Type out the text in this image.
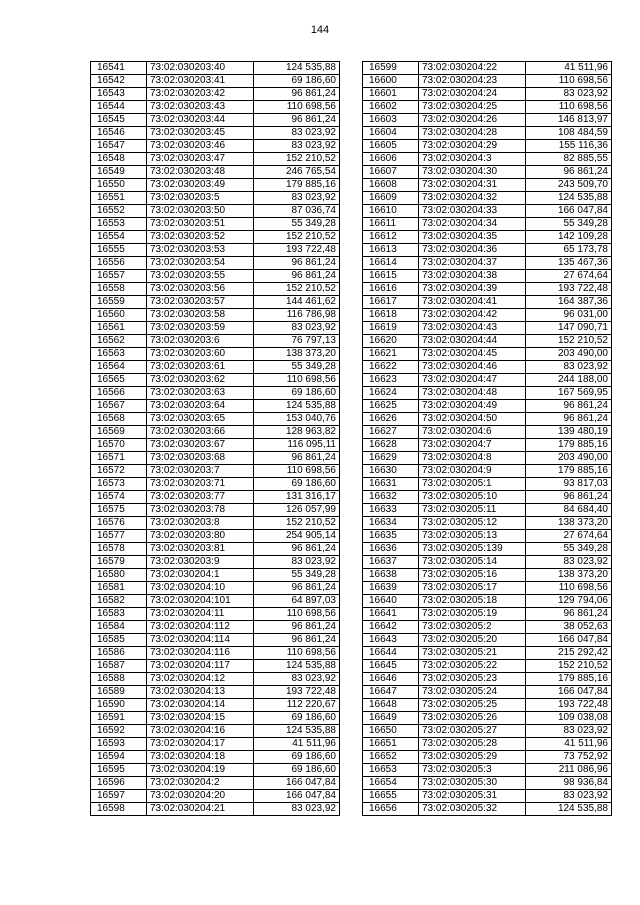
144
16541	73:02:030203:40	124 535,88
16542	73:02:030203:41	69 186,60
16543	73:02:030203:42	96 861,24
16544	73:02:030203:43	110 698,56
16545	73:02:030203:44	96 861,24
16546	73:02:030203:45	83 023,92
16547	73:02:030203:46	83 023,92
16548	73:02:030203:47	152 210,52
16549	73:02:030203:48	246 765,54
16550	73:02:030203:49	179 885,16
16551	73:02:030203:5	83 023,92
16552	73:02:030203:50	87 036,74
16553	73:02:030203:51	55 349,28
16554	73:02:030203:52	152 210,52
16555	73:02:030203:53	193 722,48
16556	73:02:030203:54	96 861,24
16557	73:02:030203:55	96 861,24
16558	73:02:030203:56	152 210,52
16559	73:02:030203:57	144 461,62
16560	73:02:030203:58	116 786,98
16561	73:02:030203:59	83 023,92
16562	73:02:030203:6	76 797,13
16563	73:02:030203:60	138 373,20
16564	73:02:030203:61	55 349,28
16565	73:02:030203:62	110 698,56
16566	73:02:030203:63	69 186,60
16567	73:02:030203:64	124 535,88
16568	73:02:030203:65	153 040,76
16569	73:02:030203:66	128 963,82
16570	73:02:030203:67	116 095,11
16571	73:02:030203:68	96 861,24
16572	73:02:030203:7	110 698,56
16573	73:02:030203:71	69 186,60
16574	73:02:030203:77	131 316,17
16575	73:02:030203:78	126 057,99
16576	73:02:030203:8	152 210,52
16577	73:02:030203:80	254 905,14
16578	73:02:030203:81	96 861,24
16579	73:02:030203:9	83 023,92
16580	73:02:030204:1	55 349,28
16581	73:02:030204:10	96 861,24
16582	73:02:030204:101	64 897,03
16583	73:02:030204:11	110 698,56
16584	73:02:030204:112	96 861,24
16585	73:02:030204:114	96 861,24
16586	73:02:030204:116	110 698,56
16587	73:02:030204:117	124 535,88
16588	73:02:030204:12	83 023,92
16589	73:02:030204:13	193 722,48
16590	73:02:030204:14	112 220,67
16591	73:02:030204:15	69 186,60
16592	73:02:030204:16	124 535,88
16593	73:02:030204:17	41 511,96
16594	73:02:030204:18	69 186,60
16595	73:02:030204:19	69 186,60
16596	73:02:030204:2	166 047,84
16597	73:02:030204:20	166 047,84
16598	73:02:030204:21	83 023,92
16599	73:02:030204:22	41 511,96
16600	73:02:030204:23	110 698,56
16601	73:02:030204:24	83 023,92
16602	73:02:030204:25	110 698,56
16603	73:02:030204:26	146 813,97
16604	73:02:030204:28	108 484,59
16605	73:02:030204:29	155 116,36
16606	73:02:030204:3	82 885,55
16607	73:02:030204:30	96 861,24
16608	73:02:030204:31	243 509,70
16609	73:02:030204:32	124 535,88
16610	73:02:030204:33	166 047,84
16611	73:02:030204:34	55 349,28
16612	73:02:030204:35	142 109,28
16613	73:02:030204:36	65 173,78
16614	73:02:030204:37	135 467,36
16615	73:02:030204:38	27 674,64
16616	73:02:030204:39	193 722,48
16617	73:02:030204:41	164 387,36
16618	73:02:030204:42	96 031,00
16619	73:02:030204:43	147 090,71
16620	73:02:030204:44	152 210,52
16621	73:02:030204:45	203 490,00
16622	73:02:030204:46	83 023,92
16623	73:02:030204:47	244 188,00
16624	73:02:030204:48	167 569,95
16625	73:02:030204:49	96 861,24
16626	73:02:030204:50	96 861,24
16627	73:02:030204:6	139 480,19
16628	73:02:030204:7	179 885,16
16629	73:02:030204:8	203 490,00
16630	73:02:030204:9	179 885,16
16631	73:02:030205:1	93 817,03
16632	73:02:030205:10	96 861,24
16633	73:02:030205:11	84 684,40
16634	73:02:030205:12	138 373,20
16635	73:02:030205:13	27 674,64
16636	73:02:030205:139	55 349,28
16637	73:02:030205:14	83 023,92
16638	73:02:030205:16	138 373,20
16639	73:02:030205:17	110 698,56
16640	73:02:030205:18	129 794,06
16641	73:02:030205:19	96 861,24
16642	73:02:030205:2	38 052,63
16643	73:02:030205:20	166 047,84
16644	73:02:030205:21	215 292,42
16645	73:02:030205:22	152 210,52
16646	73:02:030205:23	179 885,16
16647	73:02:030205:24	166 047,84
16648	73:02:030205:25	193 722,48
16649	73:02:030205:26	109 038,08
16650	73:02:030205:27	83 023,92
16651	73:02:030205:28	41 511,96
16652	73:02:030205:29	73 752,92
16653	73:02:030205:3	211 086,96
16654	73:02:030205:30	98 936,84
16655	73:02:030205:31	83 023,92
16656	73:02:030205:32	124 535,88
